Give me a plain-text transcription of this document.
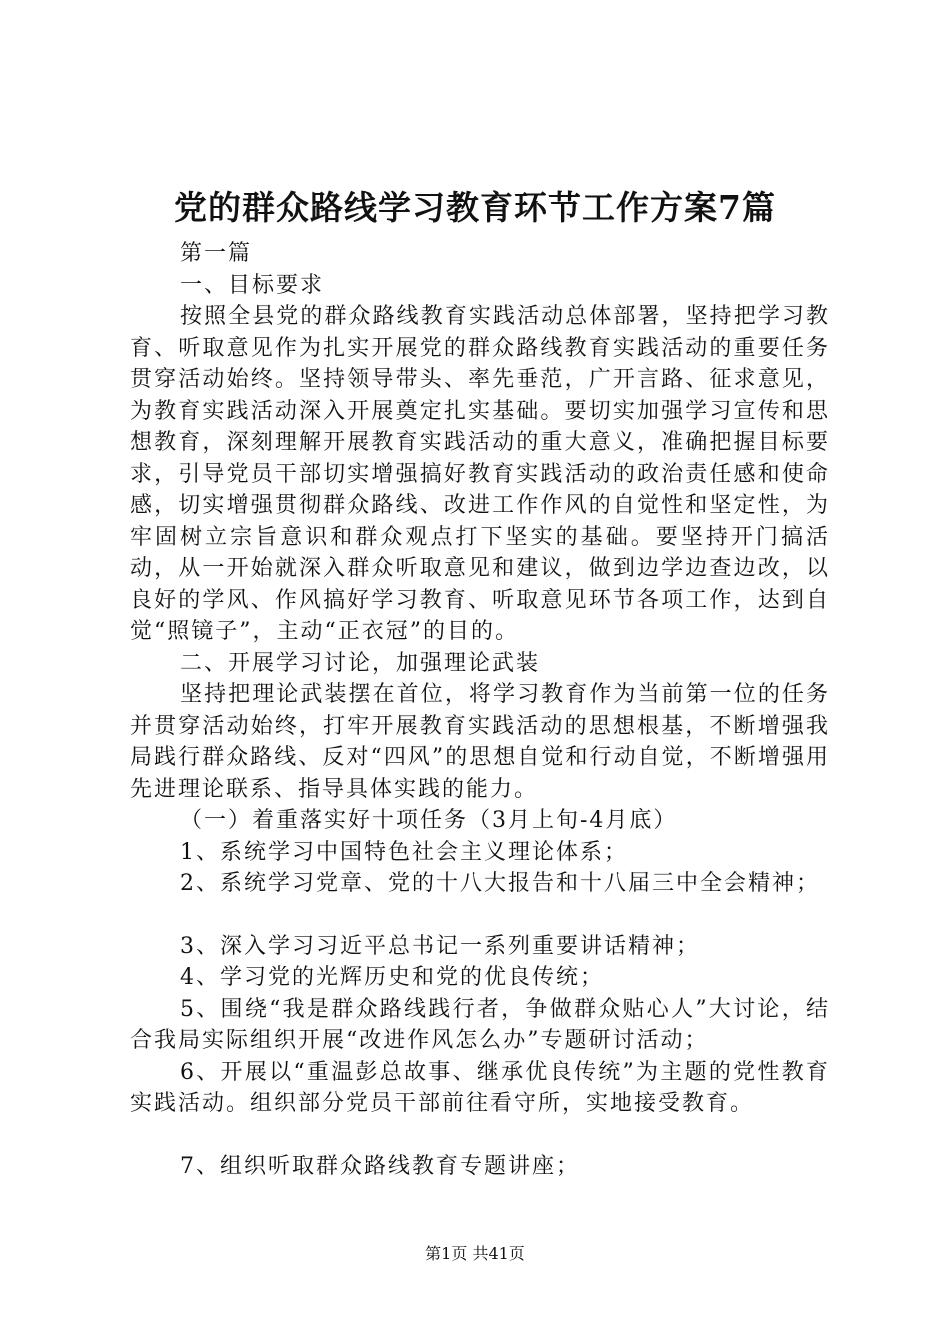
党的群众路线学习教育环节工作方案7篇

第一篇

一、目标要求

按照全县党的群众路线教育实践活动总体部署，坚持把学习教育、听取意见作为扎实开展党的群众路线教育实践活动的重要任务贯穿活动始终。坚持领导带头、率先垂范，广开言路、征求意见，为教育实践活动深入开展奠定扎实基础。要切实加强学习宣传和思想教育，深刻理解开展教育实践活动的重大意义，准确把握目标要求，引导党员干部切实增强搞好教育实践活动的政治责任感和使命感，切实增强贯彻群众路线、改进工作作风的自觉性和坚定性，为牢固树立宗旨意识和群众观点打下坚实的基础。要坚持开门搞活动，从一开始就深入群众听取意见和建议，做到边学边查边改，以良好的学风、作风搞好学习教育、听取意见环节各项工作，达到自觉“照镜子”，主动“正衣冠”的目的。

二、开展学习讨论，加强理论武装

坚持把理论武装摆在首位，将学习教育作为当前第一位的任务并贯穿活动始终，打牢开展教育实践活动的思想根基，不断增强我局践行群众路线、反对“四风”的思想自觉和行动自觉，不断增强用先进理论联系、指导具体实践的能力。

（一）着重落实好十项任务（3月上旬-4月底）

1、系统学习中国特色社会主义理论体系；

2、系统学习党章、党的十八大报告和十八届三中全会精神；

3、深入学习习近平总书记一系列重要讲话精神；

4、学习党的光辉历史和党的优良传统；

5、围绕“我是群众路线践行者，争做群众贴心人”大讨论，结合我局实际组织开展“改进作风怎么办”专题研讨活动；

6、开展以“重温彭总故事、继承优良传统”为主题的党性教育实践活动。组织部分党员干部前往看守所，实地接受教育。

7、组织听取群众路线教育专题讲座；

第1页 共41页
